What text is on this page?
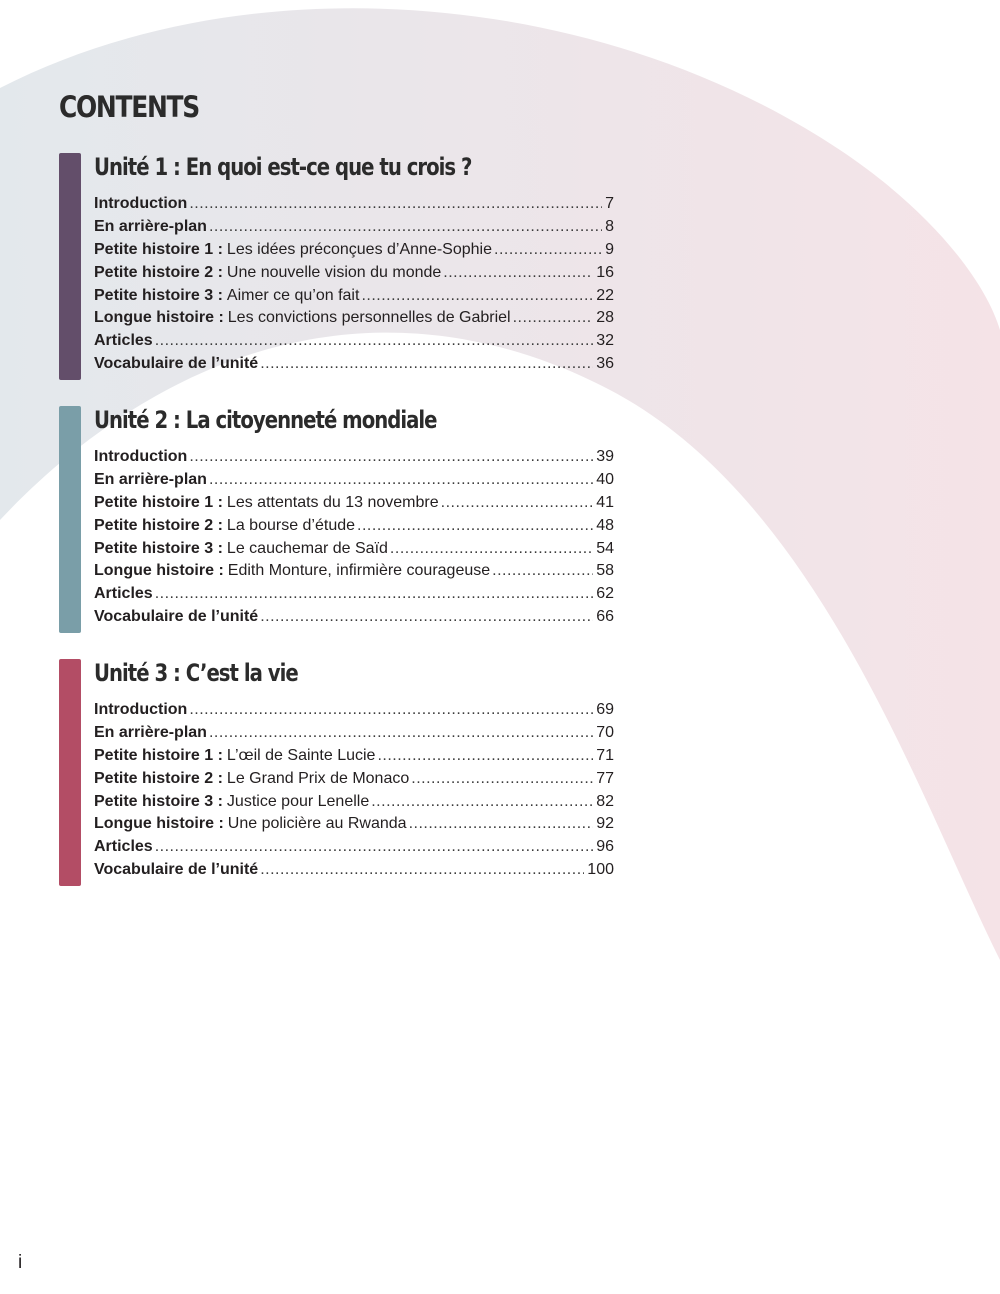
CONTENTS
Unité 1 : En quoi est-ce que tu crois ?
Introduction .....	7
En arrière-plan .....	8
Petite histoire 1 : Les idées préconçues d’Anne-Sophie .....	9
Petite histoire 2 : Une nouvelle vision du monde .....	16
Petite histoire 3 : Aimer ce qu’on fait .....	22
Longue histoire : Les convictions personnelles de Gabriel .....	28
Articles .....	32
Vocabulaire de l’unité .....	36
Unité 2 : La citoyenneté mondiale
Introduction .....	39
En arrière-plan .....	40
Petite histoire 1 : Les attentats du 13 novembre .....	41
Petite histoire 2 : La bourse d’étude .....	48
Petite histoire 3 : Le cauchemar de Saïd .....	54
Longue histoire : Edith Monture, infirmière courageuse .....	58
Articles .....	62
Vocabulaire de l’unité .....	66
Unité 3 : C’est la vie
Introduction .....	69
En arrière-plan .....	70
Petite histoire 1 : L’œil de Sainte Lucie .....	71
Petite histoire 2 : Le Grand Prix de Monaco .....	77
Petite histoire 3 : Justice pour Lenelle .....	82
Longue histoire : Une policière au Rwanda .....	92
Articles .....	96
Vocabulaire de l’unité .....	100
i
